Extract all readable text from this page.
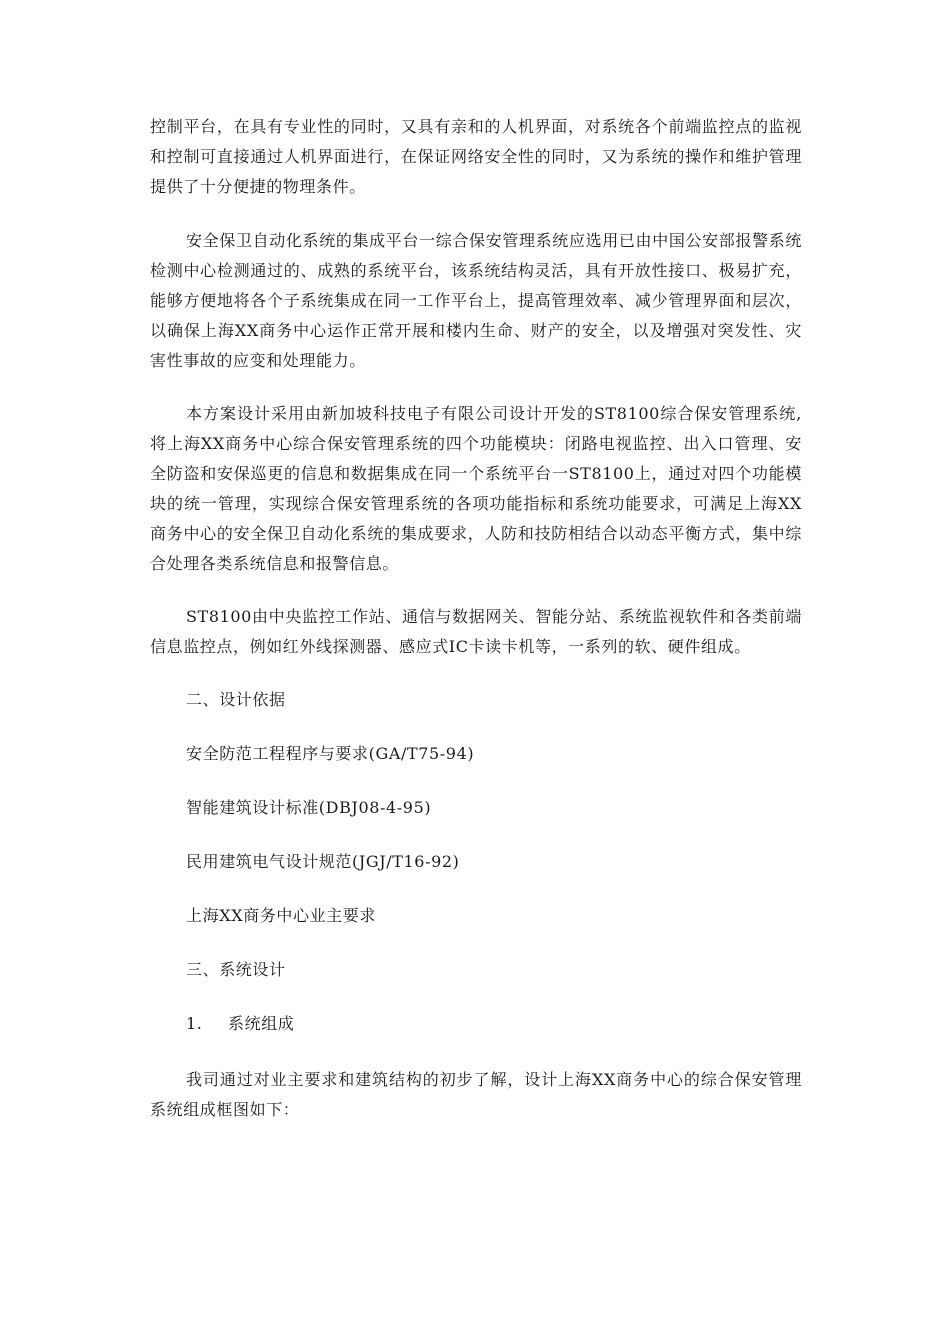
控制平台，在具有专业性的同时，又具有亲和的人机界面，对系统各个前端监控点的监视和控制可直接通过人机界面进行，在保证网络安全性的同时，又为系统的操作和维护管理提供了十分便捷的物理条件。

安全保卫自动化系统的集成平台一综合保安管理系统应选用已由中国公安部报警系统检测中心检测通过的、成熟的系统平台，该系统结构灵活，具有开放性接口、极易扩充，能够方便地将各个子系统集成在同一工作平台上，提高管理效率、减少管理界面和层次，以确保上海XX商务中心运作正常开展和楼内生命、财产的安全，以及增强对突发性、灾害性事故的应变和处理能力。

本方案设计采用由新加坡科技电子有限公司设计开发的ST8100综合保安管理系统,将上海XX商务中心综合保安管理系统的四个功能模块：闭路电视监控、出入口管理、安全防盗和安保巡更的信息和数据集成在同一个系统平台一ST8100上，通过对四个功能模块的统一管理，实现综合保安管理系统的各项功能指标和系统功能要求，可满足上海XX商务中心的安全保卫自动化系统的集成要求，人防和技防相结合以动态平衡方式，集中综合处理各类系统信息和报警信息。

ST8100由中央监控工作站、通信与数据网关、智能分站、系统监视软件和各类前端信息监控点，例如红外线探测器、感应式IC卡读卡机等，一系列的软、硬件组成。

二、设计依据

安全防范工程程序与要求(GA/T75-94)

智能建筑设计标准(DBJ08-4-95)

民用建筑电气设计规范(JGJ/T16-92)

上海XX商务中心业主要求

三、系统设计

1. 系统组成

我司通过对业主要求和建筑结构的初步了解，设计上海XX商务中心的综合保安管理系统组成框图如下：
